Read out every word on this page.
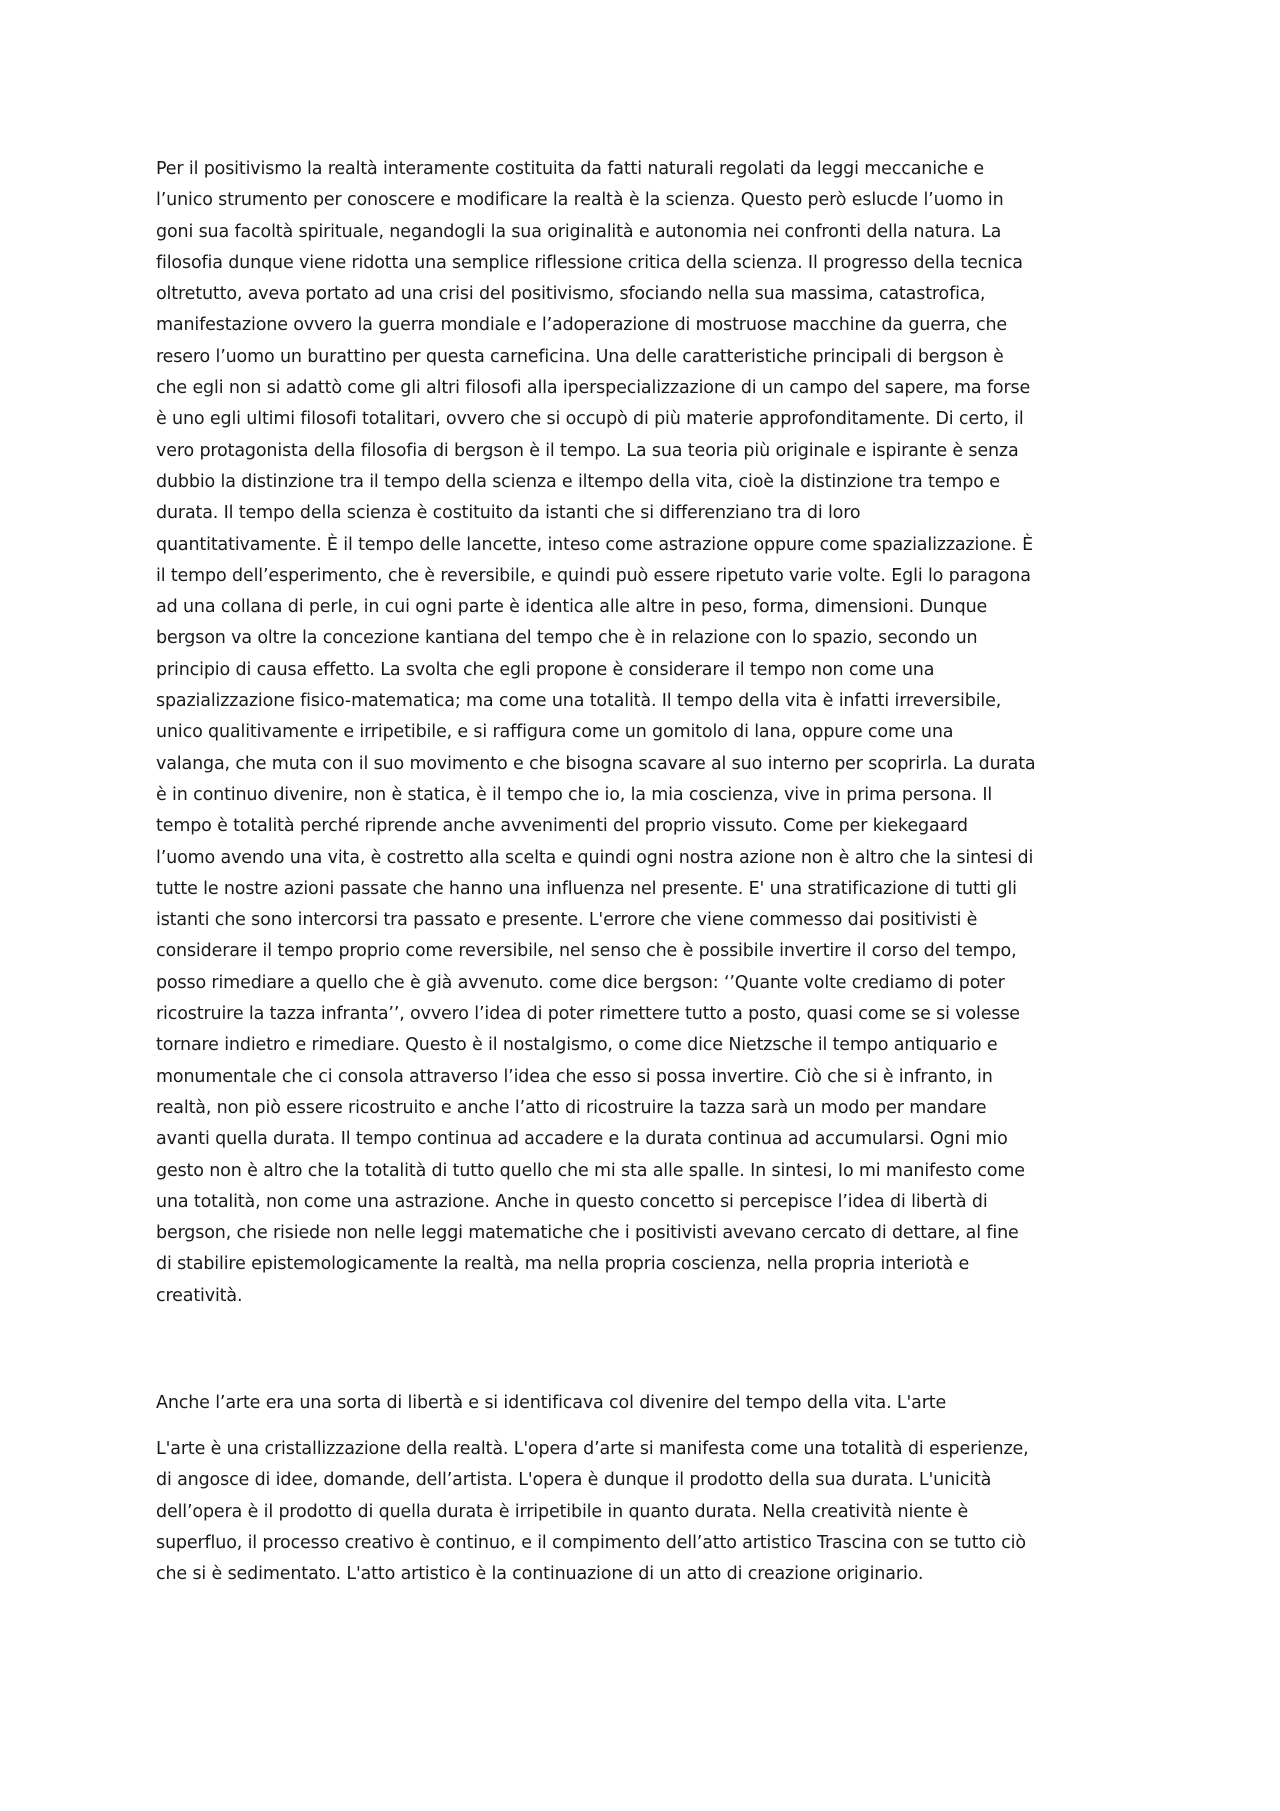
Per il positivismo la realtà interamente costituita da fatti naturali regolati da leggi meccaniche e
l’unico strumento per conoscere e modificare la realtà è la scienza. Questo però eslucde l’uomo in
goni sua facoltà spirituale, negandogli la sua originalità e autonomia nei confronti della natura. La
filosofia dunque viene ridotta una semplice riflessione critica della scienza. Il progresso della tecnica
oltretutto, aveva portato ad una crisi del positivismo, sfociando nella sua massima, catastrofica,
manifestazione ovvero la guerra mondiale e l’adoperazione di mostruose macchine da guerra, che
resero l’uomo un burattino per questa carneficina. Una delle caratteristiche principali di bergson è
che egli non si adattò come gli altri filosofi alla iperspecializzazione di un campo del sapere, ma forse
è uno egli ultimi filosofi totalitari, ovvero che si occupò di più materie approfonditamente. Di certo, il
vero protagonista della filosofia di bergson è il tempo. La sua teoria più originale e ispirante è senza
dubbio la distinzione tra il tempo della scienza e iltempo della vita, cioè la distinzione tra tempo e
durata. Il tempo della scienza è costituito da istanti che si differenziano tra di loro
quantitativamente. È il tempo delle lancette, inteso come astrazione oppure come spazializzazione. È
il tempo dell’esperimento, che è reversibile, e quindi può essere ripetuto varie volte. Egli lo paragona
ad una collana di perle, in cui ogni parte è identica alle altre in peso, forma, dimensioni. Dunque
bergson va oltre la concezione kantiana del tempo che è in relazione con lo spazio, secondo un
principio di causa effetto. La svolta che egli propone è considerare il tempo non come una
spazializzazione fisico-matematica; ma come una totalità. Il tempo della vita è infatti irreversibile,
unico qualitivamente e irripetibile, e si raffigura come un gomitolo di lana, oppure come una
valanga, che muta con il suo movimento e che bisogna scavare al suo interno per scoprirla. La durata
è in continuo divenire, non è statica, è il tempo che io, la mia coscienza, vive in prima persona. Il
tempo è totalità perché riprende anche avvenimenti del proprio vissuto. Come per kiekegaard
l’uomo avendo una vita, è costretto alla scelta e quindi ogni nostra azione non è altro che la sintesi di
tutte le nostre azioni passate che hanno una influenza nel presente. E' una stratificazione di tutti gli
istanti che sono intercorsi tra passato e presente. L'errore che viene commesso dai positivisti è
considerare il tempo proprio come reversibile, nel senso che è possibile invertire il corso del tempo,
posso rimediare a quello che è già avvenuto. come dice bergson: ‘’Quante volte crediamo di poter
ricostruire la tazza infranta’’, ovvero l’idea di poter rimettere tutto a posto, quasi come se si volesse
tornare indietro e rimediare. Questo è il nostalgismo, o come dice Nietzsche il tempo antiquario e
monumentale che ci consola attraverso l’idea che esso si possa invertire. Ciò che si è infranto, in
realtà, non piò essere ricostruito e anche l’atto di ricostruire la tazza sarà un modo per mandare
avanti quella durata. Il tempo continua ad accadere e la durata continua ad accumularsi. Ogni mio
gesto non è altro che la totalità di tutto quello che mi sta alle spalle. In sintesi, Io mi manifesto come
una totalità, non come una astrazione. Anche in questo concetto si percepisce l’idea di libertà di
bergson, che risiede non nelle leggi matematiche che i positivisti avevano cercato di dettare, al fine
di stabilire epistemologicamente la realtà, ma nella propria coscienza, nella propria interiotà e
creatività.

Anche l’arte era una sorta di libertà e si identificava col divenire del tempo della vita. L'arte

L'arte è una cristallizzazione della realtà. L'opera d’arte si manifesta come una totalità di esperienze,
di angosce di idee, domande, dell’artista. L'opera è dunque il prodotto della sua durata. L'unicità
dell’opera è il prodotto di quella durata è irripetibile in quanto durata. Nella creatività niente è
superfluo, il processo creativo è continuo, e il compimento dell’atto artistico Trascina con se tutto ciò
che si è sedimentato. L'atto artistico è la continuazione di un atto di creazione originario.
